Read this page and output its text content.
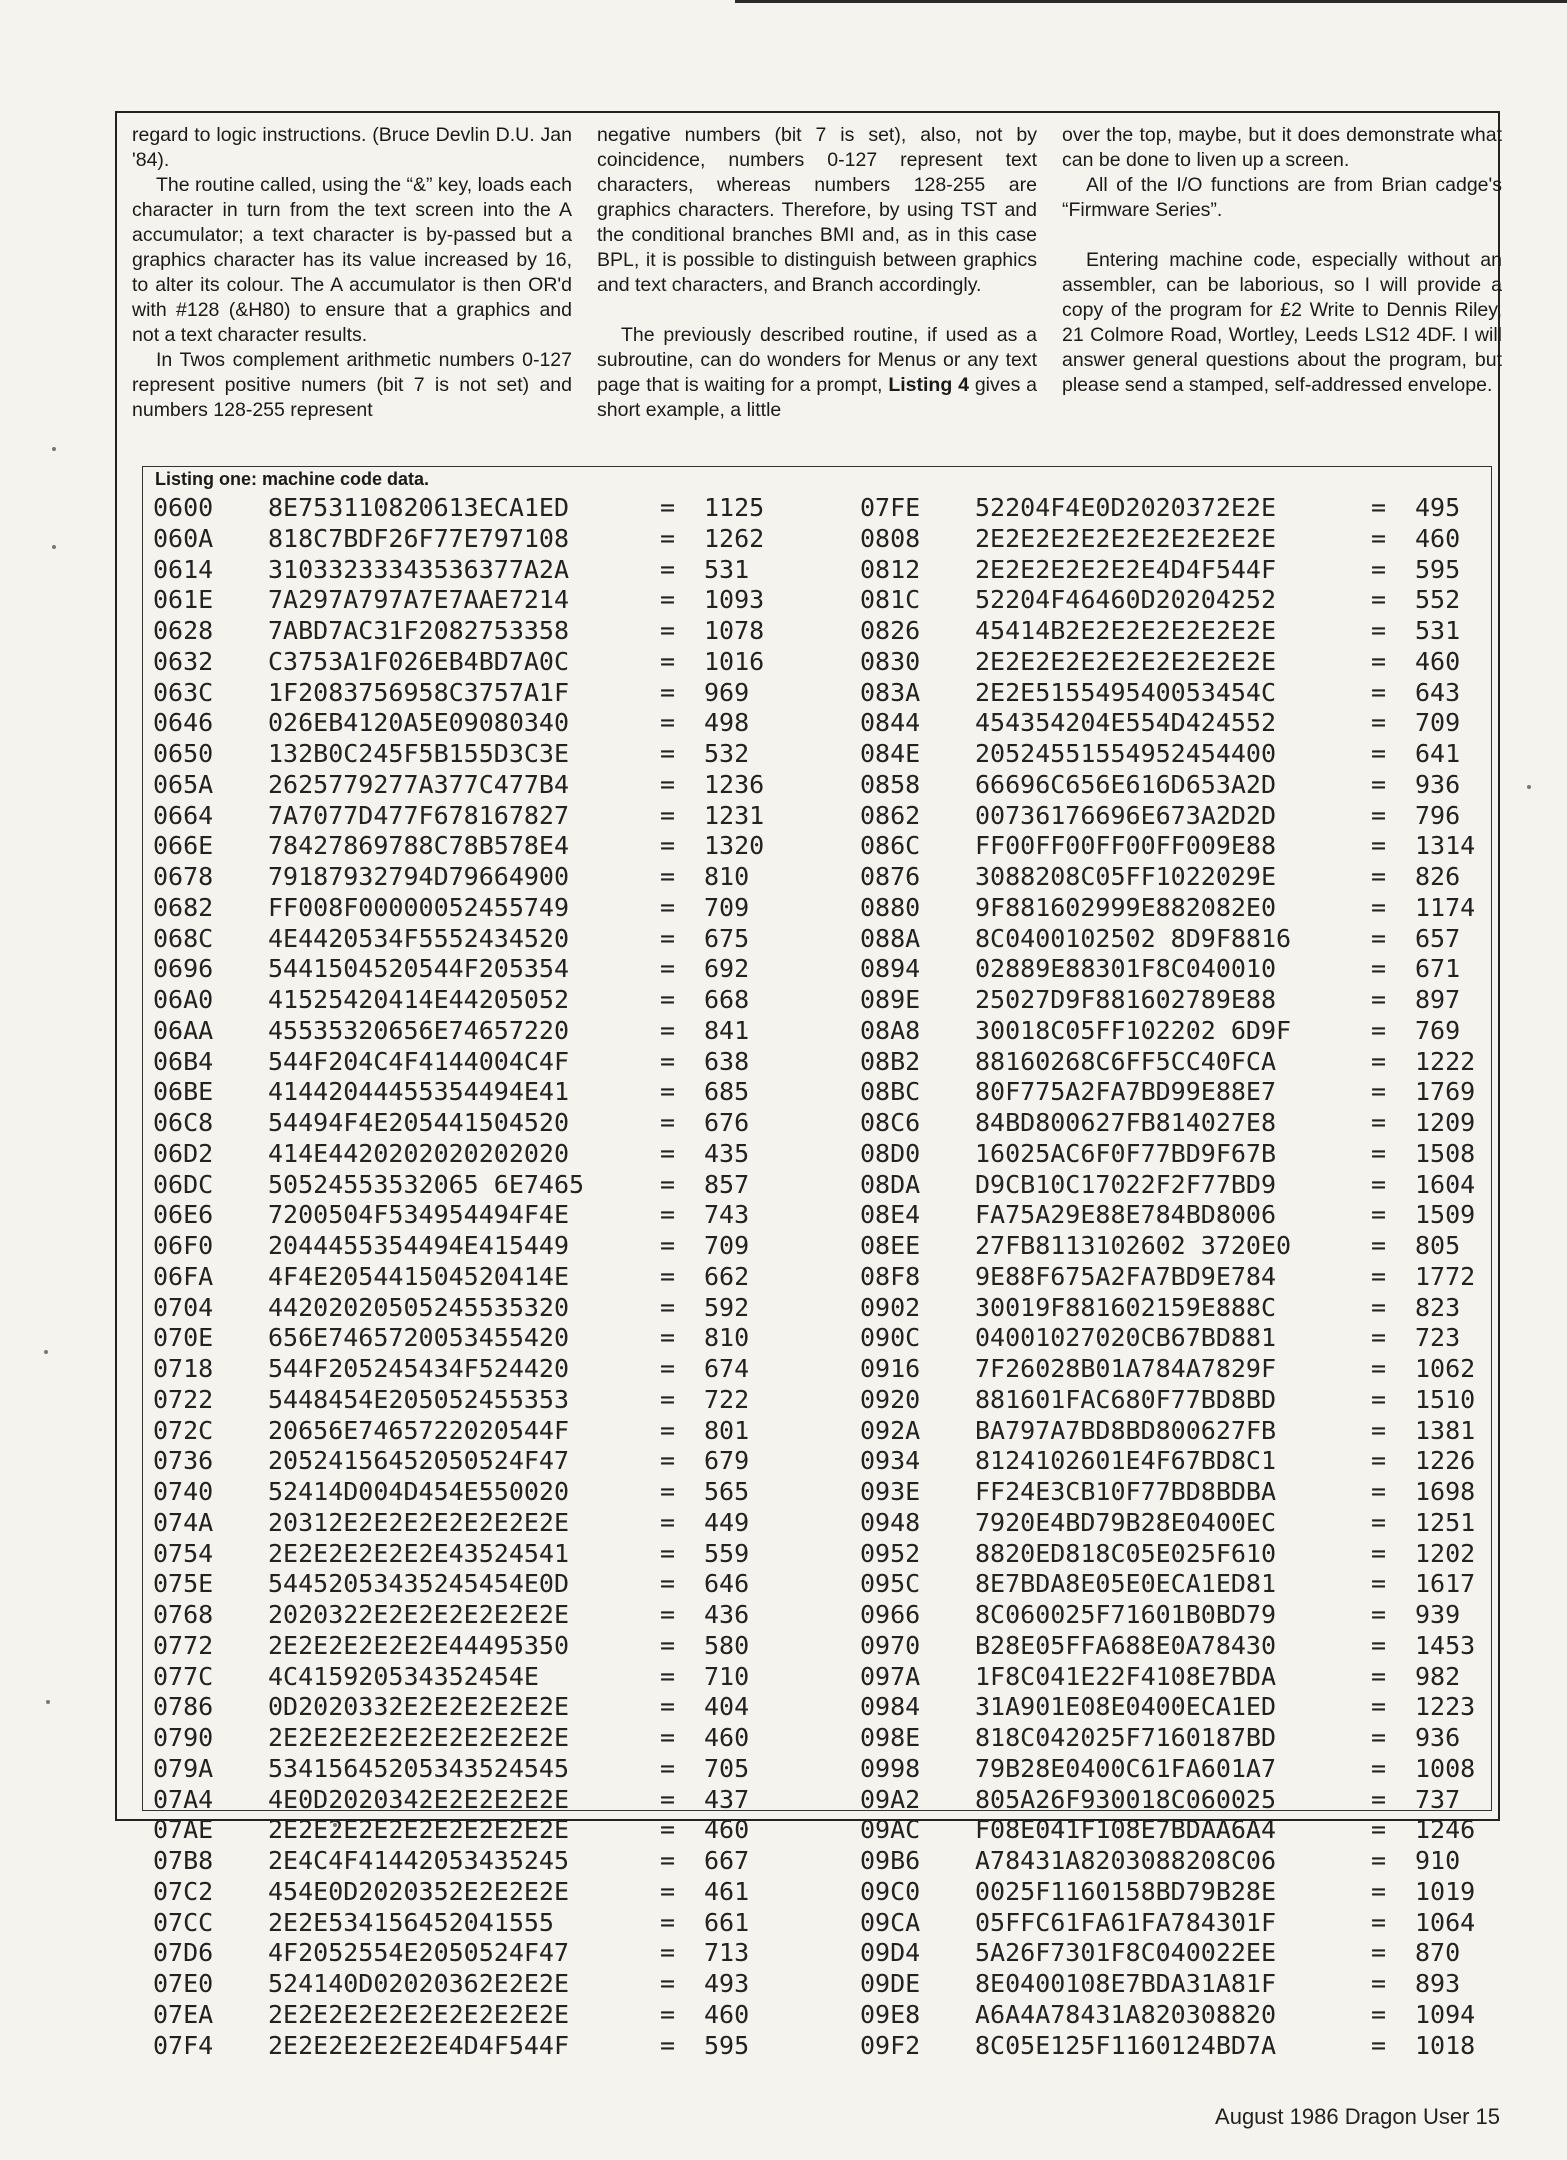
regard to logic instructions. (Bruce Devlin D.U. Jan '84).

The routine called, using the “&” key, loads each character in turn from the text screen into the A accumulator; a text character is by-passed but a graphics character has its value increased by 16, to alter its colour. The A accumulator is then OR'd with #128 (&H80) to ensure that a graphics and not a text character results.

In Twos complement arithmetic numbers 0-127 represent positive numers (bit 7 is not set) and numbers 128-255 represent

negative numbers (bit 7 is set), also, not by coincidence, numbers 0-127 represent text characters, whereas numbers 128-255 are graphics characters. Therefore, by using TST and the conditional branches BMI and, as in this case BPL, it is possible to distinguish between graphics and text characters, and Branch accordingly.

The previously described routine, if used as a subroutine, can do wonders for Menus or any text page that is waiting for a prompt, Listing 4 gives a short example, a little

over the top, maybe, but it does demonstrate what can be done to liven up a screen.

All of the I/O functions are from Brian cadge's “Firmware Series”.

Entering machine code, especially without an assembler, can be laborious, so I will provide a copy of the program for £2 Write to Dennis Riley, 21 Colmore Road, Wortley, Leeds LS12 4DF. I will answer general questions about the program, but please send a stamped, self-addressed envelope.

Listing one: machine code data.
0600 8E753110820613ECA1ED	= 1125	07FE 52204F4E0D2020372E2E	= 495
060A 818C7BDF26F77E797108	= 1262	0808 2E2E2E2E2E2E2E2E2E2E	= 460
0614 31033233343536377A2A	= 531	0812 2E2E2E2E2E2E4D4F544F	= 595
061E 7A297A797A7E7AAE7214	= 1093	081C 52204F46460D20204252	= 552
0628 7ABD7AC31F2082753358	= 1078	0826 45414B2E2E2E2E2E2E2E	= 531
0632 C3753A1F026EB4BD7A0C	= 1016	0830 2E2E2E2E2E2E2E2E2E2E	= 460
063C 1F2083756958C3757A1F	= 969	083A 2E2E515549540053454C	= 643
0646 026EB4120A5E09080340	= 498	0844 454354204E554D424552	= 709
0650 132B0C245F5B155D3C3E	= 532	084E 20524551554952454400	= 641
065A 2625779277A377C477B4	= 1236	0858 66696C656E616D653A2D	= 936
0664 7A7077D477F678167827	= 1231	0862 00736176696E673A2D2D	= 796
066E 78427869788C78B578E4	= 1320	086C FF00FF00FF00FF009E88	= 1314
0678 79187932794D79664900	= 810	0876 3088208C05FF1022029E	= 826
0682 FF008F00000052455749	= 709	0880 9F881602999E882082E0	= 1174
068C 4E4420534F5552434520	= 675	088A 8C0400102502 8D9F8816	= 657
0696 5441504520544F205354	= 692	0894 02889E88301F8C040010	= 671
06A0 41525420414E44205052	= 668	089E 25027D9F881602789E88	= 897
06AA 45535320656E74657220	= 841	08A8 30018C05FF102202 6D9F	= 769
06B4 544F204C4F4144004C4F	= 638	08B2 88160268C6FF5CC40FCA	= 1222
06BE 41442044455354494E41	= 685	08BC 80F775A2FA7BD99E88E7	= 1769
06C8 54494F4E205441504520	= 676	08C6 84BD800627FB814027E8	= 1209
06D2 414E4420202020202020	= 435	08D0 16025AC6F0F77BD9F67B	= 1508
06DC 50524553532065 6E7465	= 857	08DA D9CB10C17022F2F77BD9	= 1604
06E6 7200504F534954494F4E	= 743	08E4 FA75A29E88E784BD8006	= 1509
06F0 2044455354494E415449	= 709	08EE 27FB8113102602 3720E0	= 805
06FA 4F4E205441504520414E	= 662	08F8 9E88F675A2FA7BD9E784	= 1772
0704 44202020505245535320	= 592	0902 30019F881602159E888C	= 823
070E 656E7465720053455420	= 810	090C 04001027020CB67BD881	= 723
0718 544F205245434F524420	= 674	0916 7F26028B01A784A7829F	= 1062
0722 5448454E205052455353	= 722	0920 881601FAC680F77BD8BD	= 1510
072C 20656E7465722020544F	= 801	092A BA797A7BD8BD800627FB	= 1381
0736 20524156452050524F47	= 679	0934 8124102601E4F67BD8C1	= 1226
0740 52414D004D454E550020	= 565	093E FF24E3CB10F77BD8BDBA	= 1698
074A 20312E2E2E2E2E2E2E2E	= 449	0948 7920E4BD79B28E0400EC	= 1251
0754 2E2E2E2E2E2E43524541	= 559	0952 8820ED818C05E025F610	= 1202
075E 54452053435245454E0D	= 646	095C 8E7BDA8E05E0ECA1ED81	= 1617
0768 2020322E2E2E2E2E2E2E	= 436	0966 8C060025F71601B0BD79	= 939
0772 2E2E2E2E2E2E44495350	= 580	0970 B28E05FFA688E0A78430	= 1453
077C 4C415920534352454E	= 710	097A 1F8C041E22F4108E7BDA	= 982
0786 0D2020332E2E2E2E2E2E	= 404	0984 31A901E08E0400ECA1ED	= 1223
0790 2E2E2E2E2E2E2E2E2E2E	= 460	098E 818C042025F7160187BD	= 936
079A 53415645205343524545	= 705	0998 79B28E0400C61FA601A7	= 1008
07A4 4E0D2020342E2E2E2E2E	= 437	09A2 805A26F930018C060025	= 737
07AE 2E2E2E2E2E2E2E2E2E2E	= 460	09AC F08E041F108E7BDAA6A4	= 1246
07B8 2E4C4F41442053435245	= 667	09B6 A78431A8203088208C06	= 910
07C2 454E0D2020352E2E2E2E	= 461	09C0 0025F1160158BD79B28E	= 1019
07CC 2E2E534156452041555	= 661	09CA 05FFC61FA61FA784301F	= 1064
07D6 4F2052554E2050524F47	= 713	09D4 5A26F7301F8C040022EE	= 870
07E0 524140D02020362E2E2E	= 493	09DE 8E0400108E7BDA31A81F	= 893
07EA 2E2E2E2E2E2E2E2E2E2E	= 460	09E8 A6A4A78431A820308820	= 1094
07F4 2E2E2E2E2E2E4D4F544F	= 595	09F2 8C05E125F1160124BD7A	= 1018
August 1986 Dragon User 15
